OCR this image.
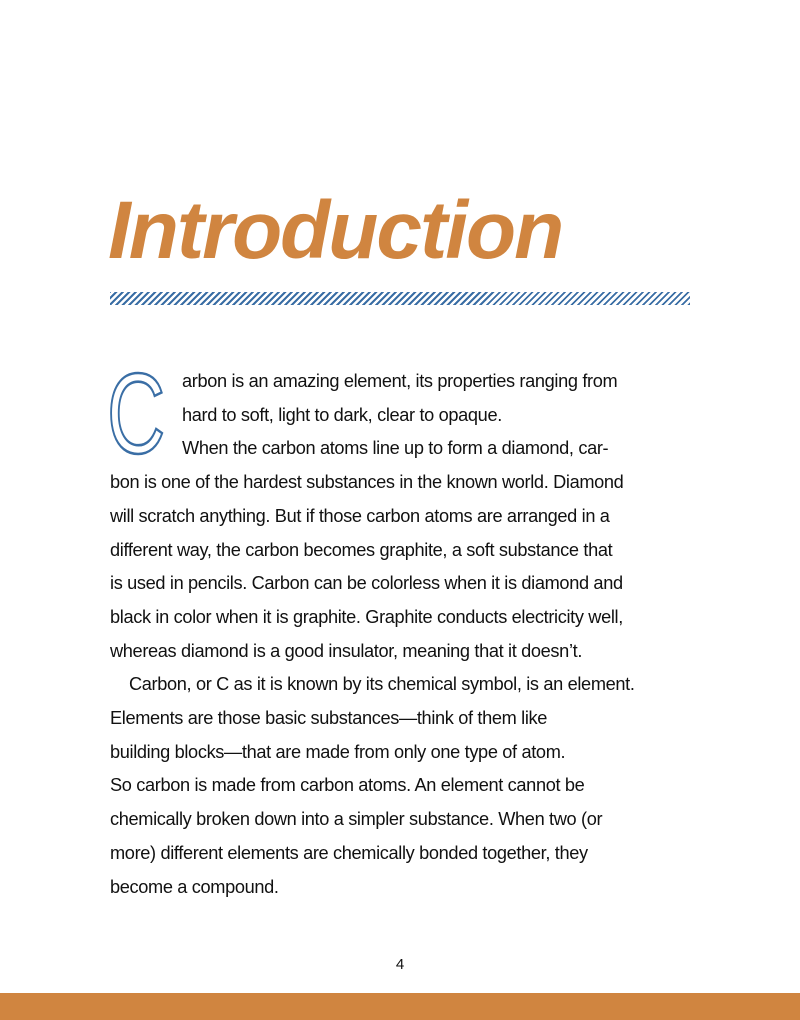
Introduction
C arbon is an amazing element, its properties ranging from
hard to soft, light to dark, clear to opaque.

When the carbon atoms line up to form a diamond, car-
bon is one of the hardest substances in the known world. Diamond
will scratch anything. But if those carbon atoms are arranged in a
different way, the carbon becomes graphite, a soft substance that
is used in pencils. Carbon can be colorless when it is diamond and
black in color when it is graphite. Graphite conducts electricity well,
whereas diamond is a good insulator, meaning that it doesn’t.

Carbon, or C as it is known by its chemical symbol, is an element.
Elements are those basic substances—think of them like
building blocks—that are made from only one type of atom.
So carbon is made from carbon atoms. An element cannot be
chemically broken down into a simpler substance. When two (or
more) different elements are chemically bonded together, they
become a compound.

4
